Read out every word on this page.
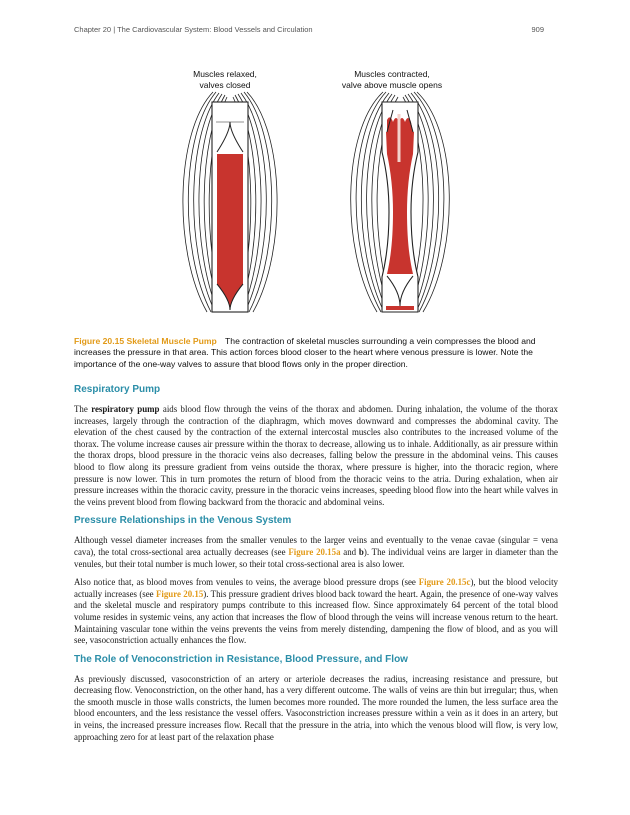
Chapter 20 | The Cardiovascular System: Blood Vessels and Circulation	909
Muscles relaxed,
valves closed
Muscles contracted,
valve above muscle opens
Figure 20.15 Skeletal Muscle Pump The contraction of skeletal muscles surrounding a vein compresses the blood and increases the pressure in that area. This action forces blood closer to the heart where venous pressure is lower. Note the importance of the one-way valves to assure that blood flows only in the proper direction.
Respiratory Pump

The respiratory pump aids blood flow through the veins of the thorax and abdomen. During inhalation, the volume of the thorax increases, largely through the contraction of the diaphragm, which moves downward and compresses the abdominal cavity. The elevation of the chest caused by the contraction of the external intercostal muscles also contributes to the increased volume of the thorax. The volume increase causes air pressure within the thorax to decrease, allowing us to inhale. Additionally, as air pressure within the thorax drops, blood pressure in the thoracic veins also decreases, falling below the pressure in the abdominal veins. This causes blood to flow along its pressure gradient from veins outside the thorax, where pressure is higher, into the thoracic region, where pressure is now lower. This in turn promotes the return of blood from the thoracic veins to the atria. During exhalation, when air pressure increases within the thoracic cavity, pressure in the thoracic veins increases, speeding blood flow into the heart while valves in the veins prevent blood from flowing backward from the thoracic and abdominal veins.

Pressure Relationships in the Venous System

Although vessel diameter increases from the smaller venules to the larger veins and eventually to the venae cavae (singular = vena cava), the total cross-sectional area actually decreases (see Figure 20.15a and b). The individual veins are larger in diameter than the venules, but their total number is much lower, so their total cross-sectional area is also lower.

Also notice that, as blood moves from venules to veins, the average blood pressure drops (see Figure 20.15c), but the blood velocity actually increases (see Figure 20.15). This pressure gradient drives blood back toward the heart. Again, the presence of one-way valves and the skeletal muscle and respiratory pumps contribute to this increased flow. Since approximately 64 percent of the total blood volume resides in systemic veins, any action that increases the flow of blood through the veins will increase venous return to the heart. Maintaining vascular tone within the veins prevents the veins from merely distending, dampening the flow of blood, and as you will see, vasoconstriction actually enhances the flow.

The Role of Venoconstriction in Resistance, Blood Pressure, and Flow

As previously discussed, vasoconstriction of an artery or arteriole decreases the radius, increasing resistance and pressure, but decreasing flow. Venoconstriction, on the other hand, has a very different outcome. The walls of veins are thin but irregular; thus, when the smooth muscle in those walls constricts, the lumen becomes more rounded. The more rounded the lumen, the less surface area the blood encounters, and the less resistance the vessel offers. Vasoconstriction increases pressure within a vein as it does in an artery, but in veins, the increased pressure increases flow. Recall that the pressure in the atria, into which the venous blood will flow, is very low, approaching zero for at least part of the relaxation phase
